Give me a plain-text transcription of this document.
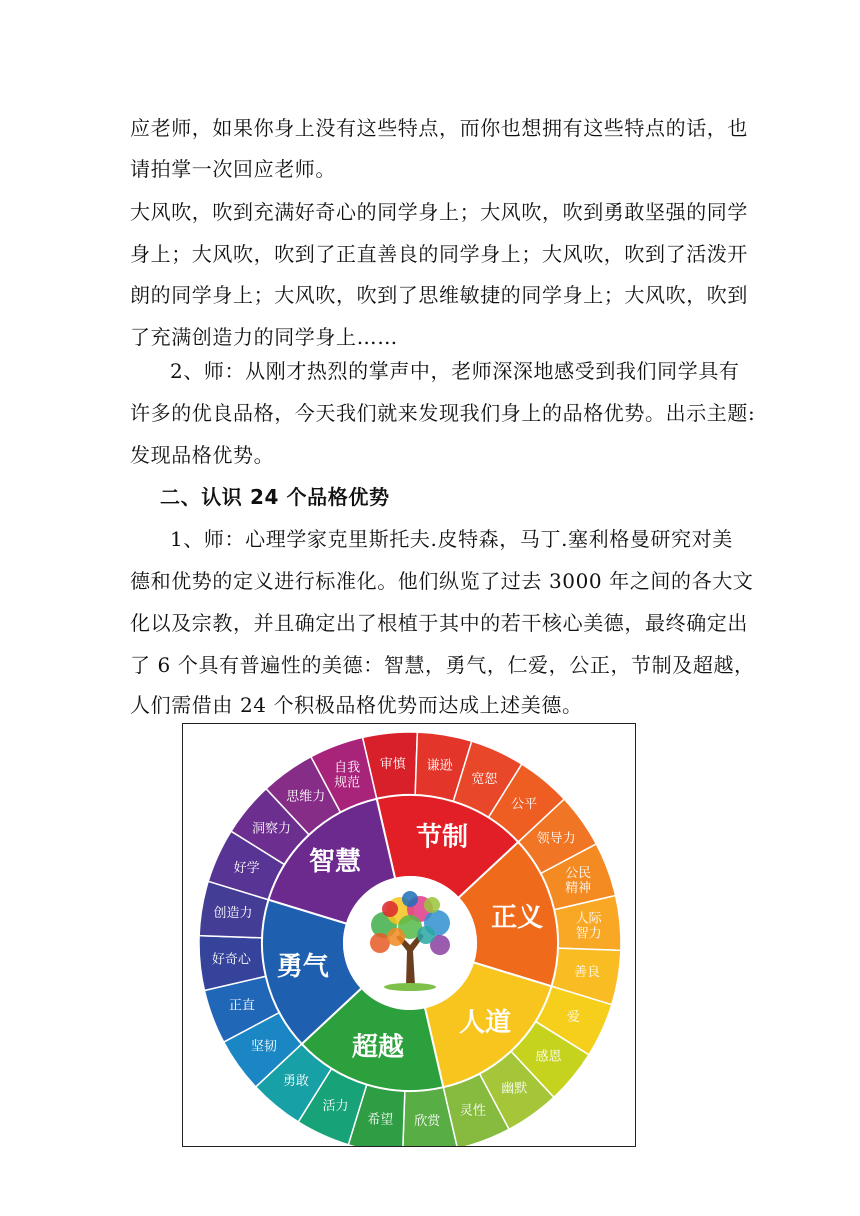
应老师，如果你身上没有这些特点，而你也想拥有这些特点的话，也
请拍掌一次回应老师。
大风吹，吹到充满好奇心的同学身上；大风吹，吹到勇敢坚强的同学
身上；大风吹，吹到了正直善良的同学身上；大风吹，吹到了活泼开
朗的同学身上；大风吹，吹到了思维敏捷的同学身上；大风吹，吹到
了充满创造力的同学身上……
2、师：从刚才热烈的掌声中，老师深深地感受到我们同学具有
许多的优良品格，今天我们就来发现我们身上的品格优势。出示主题:
发现品格优势。
二、认识 24 个品格优势
1、师：心理学家克里斯托夫.皮特森，马丁.塞利格曼研究对美
德和优势的定义进行标准化。他们纵览了过去 3000 年之间的各大文
化以及宗教，并且确定出了根植于其中的若干核心美德，最终确定出
了 6 个具有普遍性的美德：智慧，勇气，仁爱，公正，节制及超越，
人们需借由 24 个积极品格优势而达成上述美德。
审慎 谦逊
宽恕
公平
领导力
公民精神
人际智力
善良
爱
感恩
幽默
灵性
欣赏
希望
活力
勇敢
坚韧
正直
好奇心
创造力
好学
洞察力
思维力
自我规范
节制
正义
人道
超越
勇气
智慧
